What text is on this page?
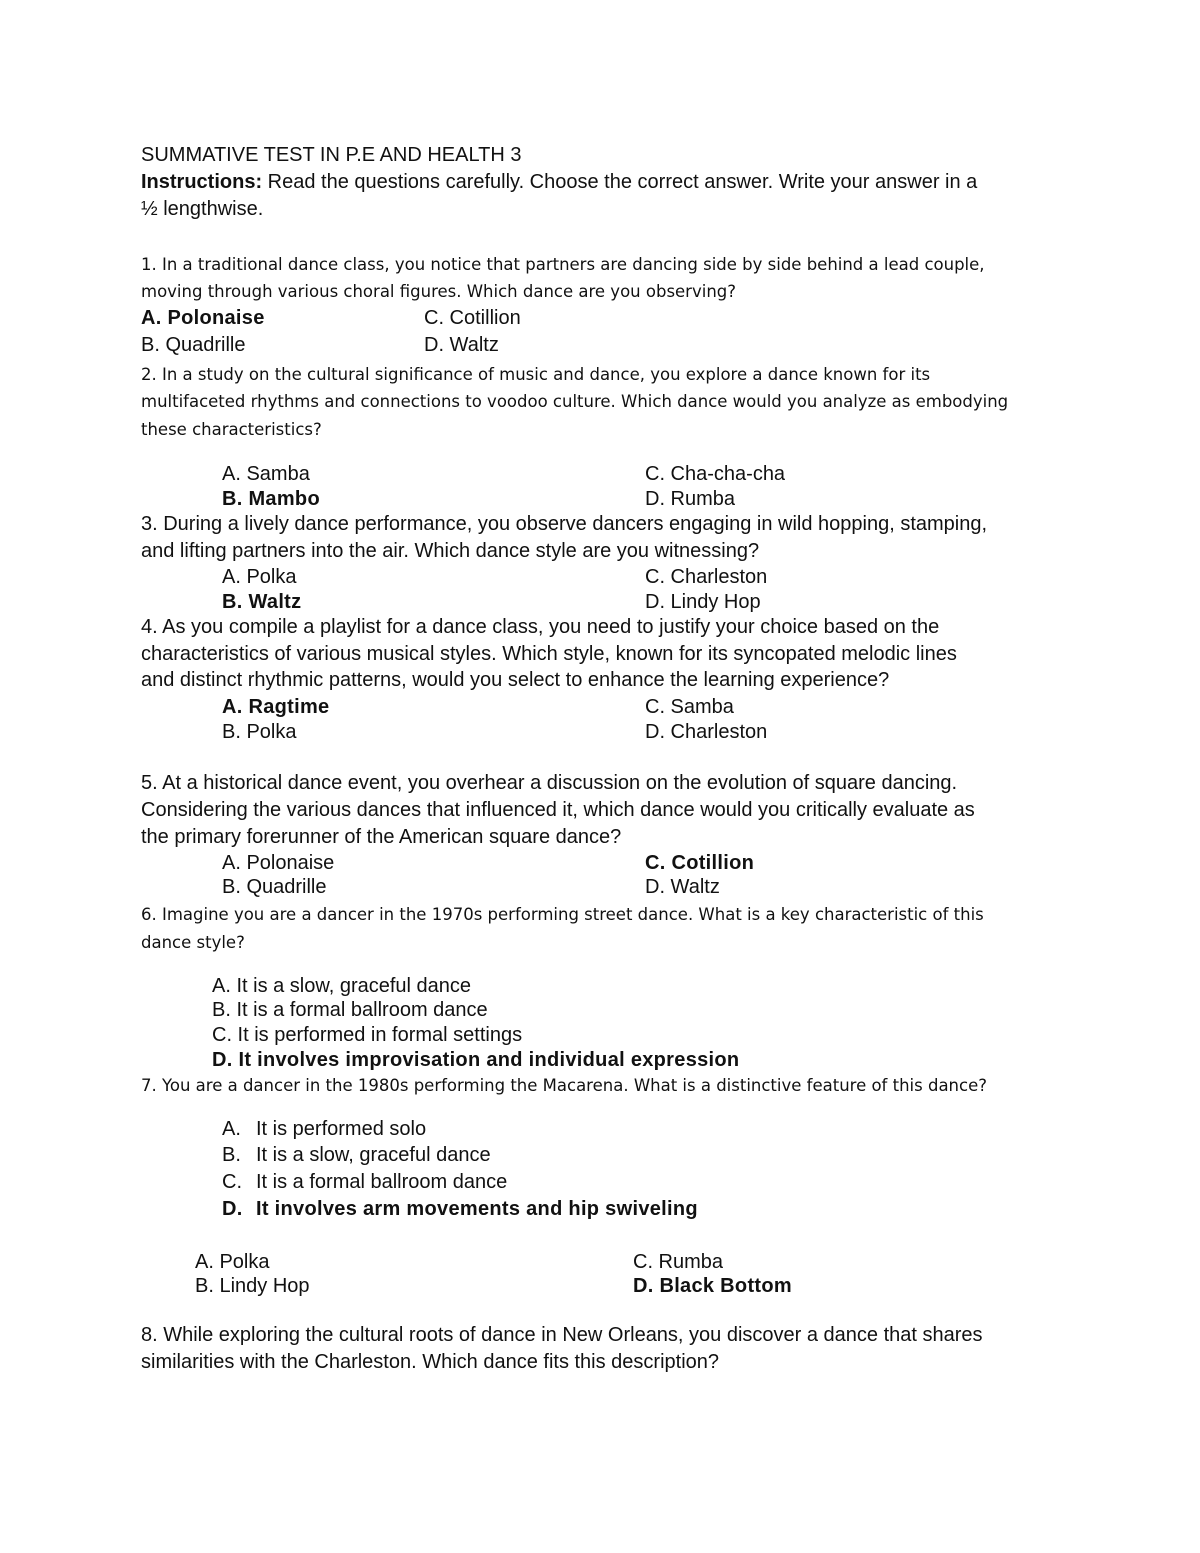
SUMMATIVE TEST IN P.E AND HEALTH 3
Instructions: Read the questions carefully. Choose the correct answer. Write your answer in a
½ lengthwise.
1. In a traditional dance class, you notice that partners are dancing side by side behind a lead couple,
moving through various choral figures. Which dance are you observing?
A. Polonaise	C. Cotillion
B. Quadrille	D. Waltz
2. In a study on the cultural significance of music and dance, you explore a dance known for its
multifaceted rhythms and connections to voodoo culture. Which dance would you analyze as embodying
these characteristics?
A. Samba	C. Cha-cha-cha
B. Mambo	D. Rumba
3. During a lively dance performance, you observe dancers engaging in wild hopping, stamping,
and lifting partners into the air. Which dance style are you witnessing?
A. Polka	C. Charleston
B. Waltz	D. Lindy Hop
4. As you compile a playlist for a dance class, you need to justify your choice based on the
characteristics of various musical styles. Which style, known for its syncopated melodic lines
and distinct rhythmic patterns, would you select to enhance the learning experience?
A. Ragtime	C. Samba
B. Polka	D. Charleston
5. At a historical dance event, you overhear a discussion on the evolution of square dancing.
Considering the various dances that influenced it, which dance would you critically evaluate as
the primary forerunner of the American square dance?
A. Polonaise	C. Cotillion
B. Quadrille	D. Waltz
6. Imagine you are a dancer in the 1970s performing street dance. What is a key characteristic of this
dance style?
A. It is a slow, graceful dance
B. It is a formal ballroom dance
C. It is performed in formal settings
D. It involves improvisation and individual expression
7. You are a dancer in the 1980s performing the Macarena. What is a distinctive feature of this dance?
A. It is performed solo
B. It is a slow, graceful dance
C. It is a formal ballroom dance
D. It involves arm movements and hip swiveling
A. Polka	C. Rumba
B. Lindy Hop	D. Black Bottom
8. While exploring the cultural roots of dance in New Orleans, you discover a dance that shares
similarities with the Charleston. Which dance fits this description?
